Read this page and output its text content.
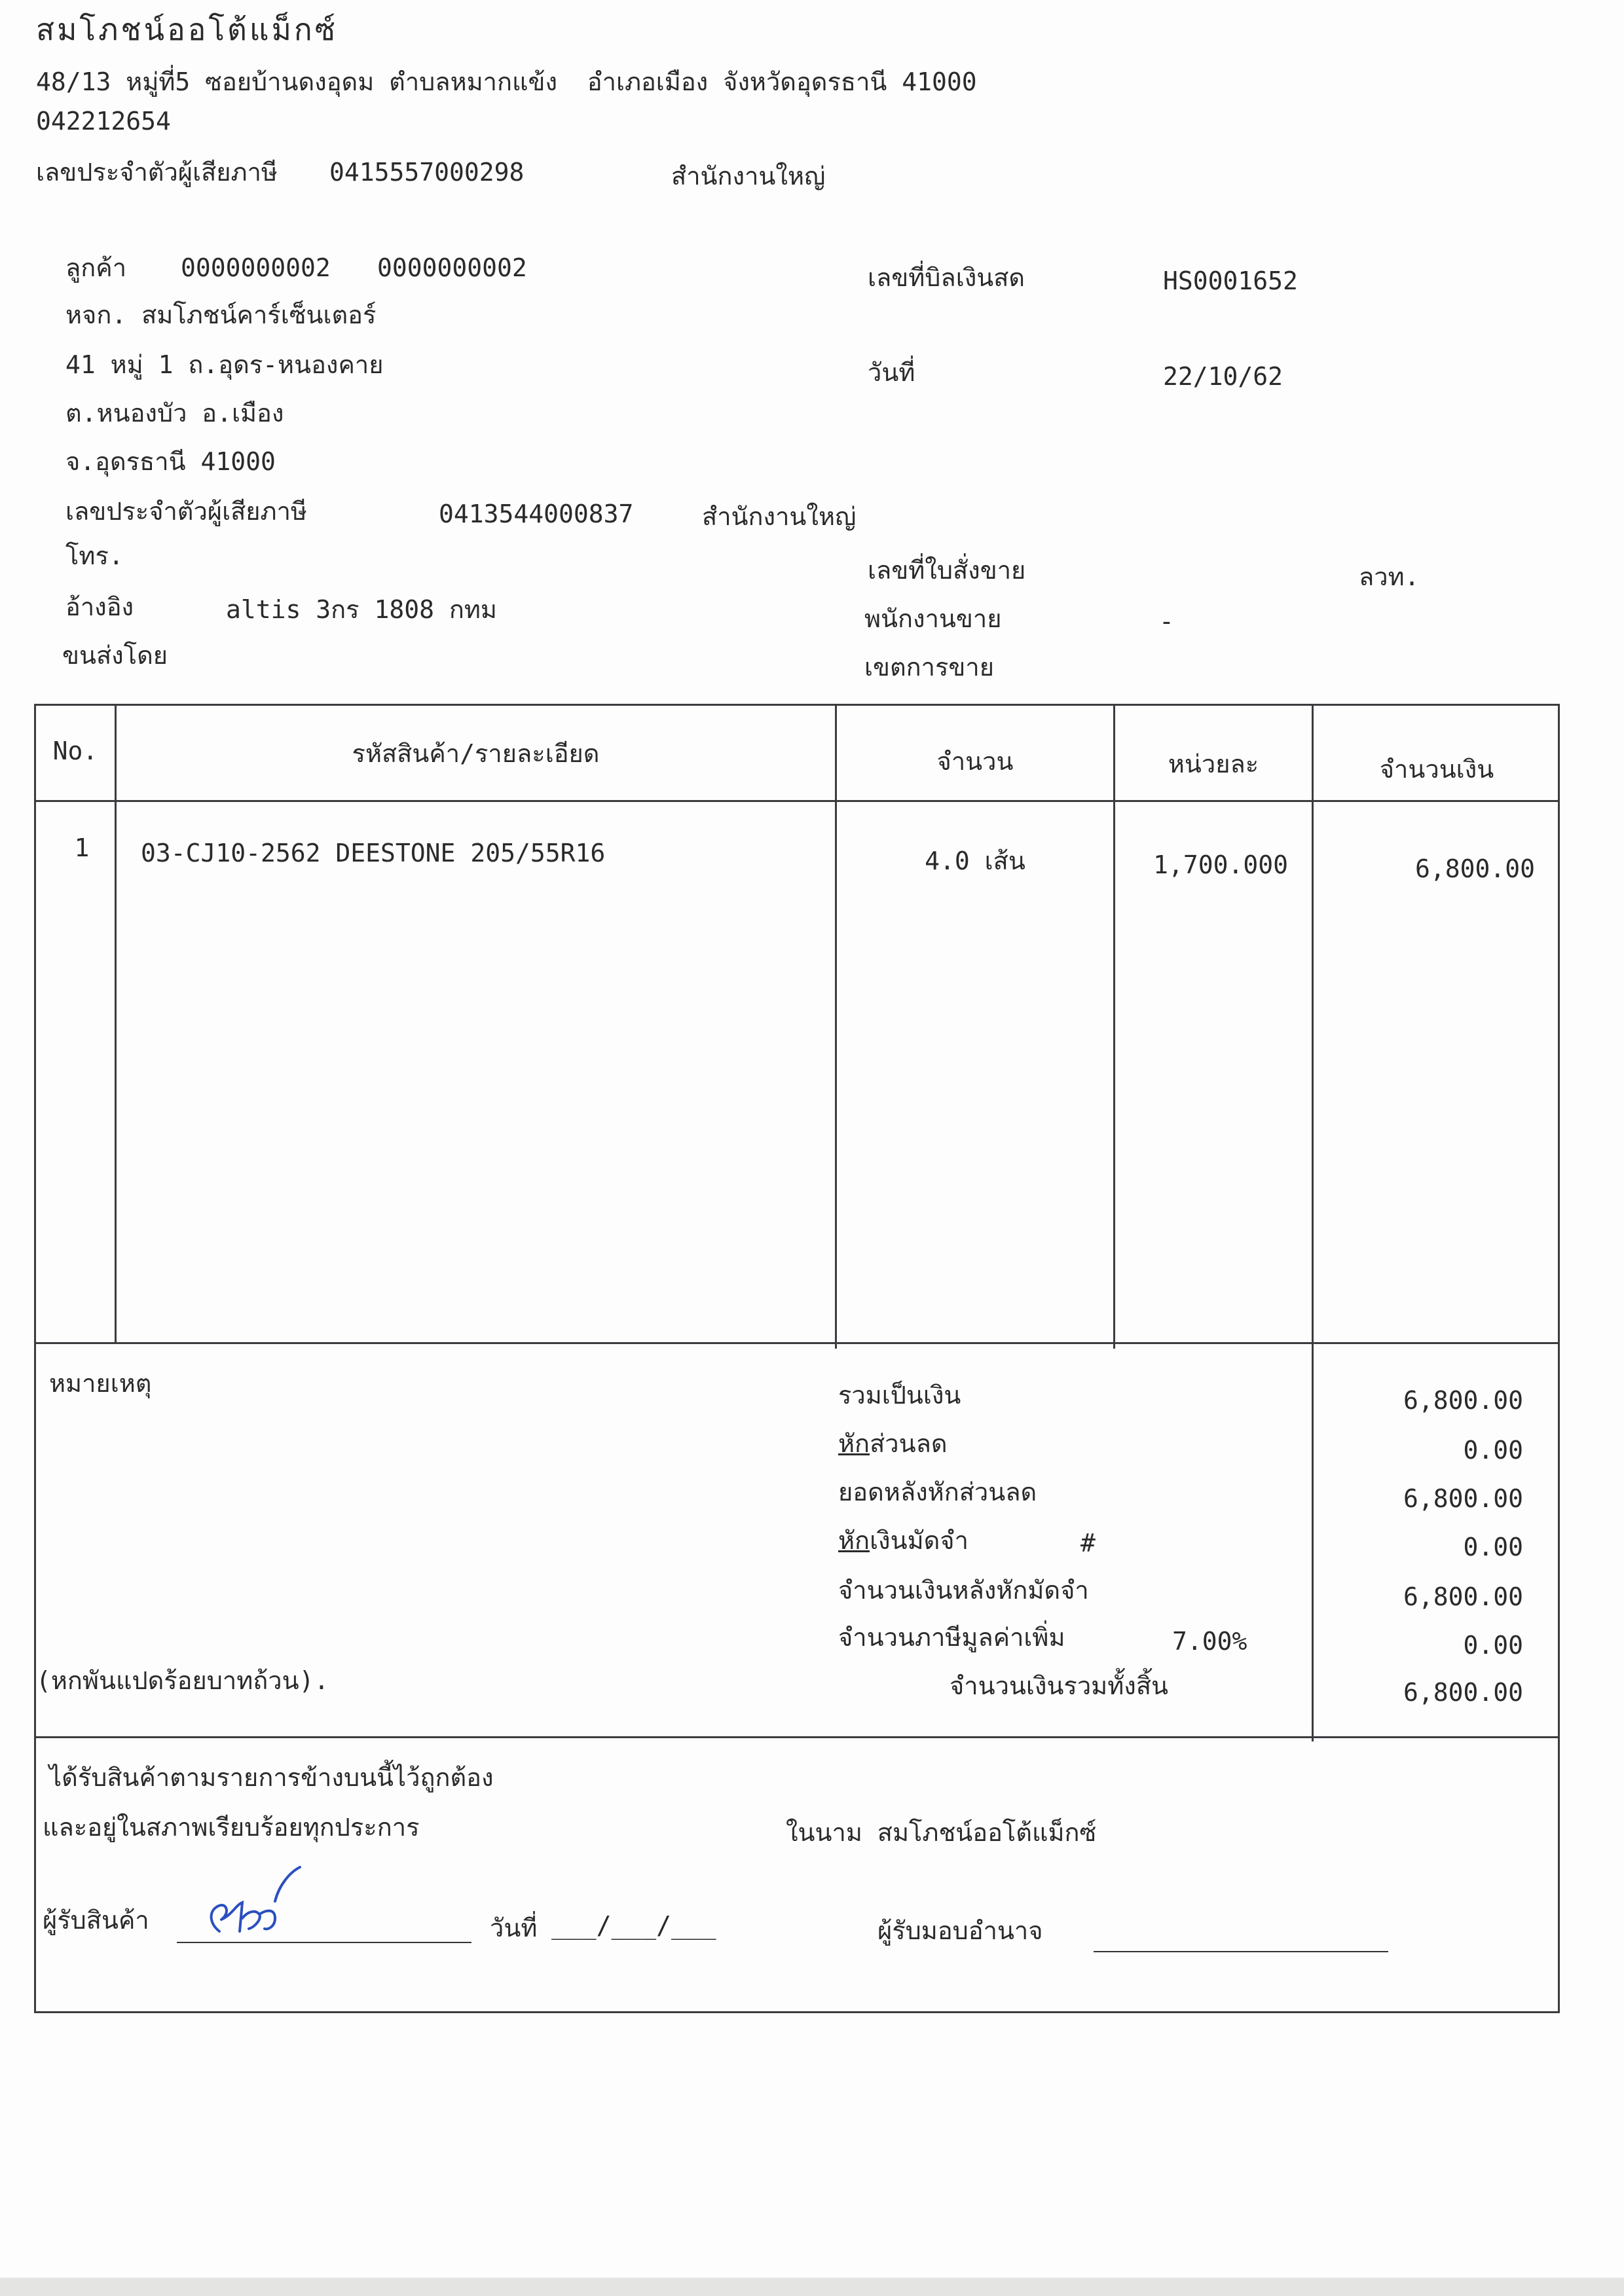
สมโภชน์ออโต้แม็กซ์
48/13 หมู่ที่5 ซอยบ้านดงอุดม ตำบลหมากแข้ง  อำเภอเมือง จังหวัดอุดรธานี 41000
042212654
เลขประจำตัวผู้เสียภาษี 0415557000298	สำนักงานใหญ่
ลูกค้า 0000000002 0000000002
หจก. สมโภชน์คาร์เซ็นเตอร์
41 หมู่ 1 ถ.อุดร-หนองคาย
ต.หนองบัว อ.เมือง
จ.อุดรธานี 41000
เลขประจำตัวผู้เสียภาษี	0413544000837	สำนักงานใหญ่
โทร.
อ้างอิง	altis 3กร 1808 กทม
ขนส่งโดย
เลขที่บิลเงินสด	HS0001652
วันที่	22/10/62
เลขที่ใบสั่งขาย	ลวท.
พนักงานขาย	-
เขตการขาย
No.	รหัสสินค้า/รายละเอียด	จำนวน	หน่วยละ	จำนวนเงิน
1	03-CJ10-2562 DEESTONE 205/55R16	4.0 เส้น	1,700.000	6,800.00
หมายเหตุ
(หกพันแปดร้อยบาทถ้วน).
รวมเป็นเงิน	6,800.00
หักส่วนลด	0.00
ยอดหลังหักส่วนลด	6,800.00
หักเงินมัดจำ	#	0.00
จำนวนเงินหลังหักมัดจำ	6,800.00
จำนวนภาษีมูลค่าเพิ่ม	7.00%	0.00
จำนวนเงินรวมทั้งสิ้น	6,800.00
ได้รับสินค้าตามรายการข้างบนนี้ไว้ถูกต้อง
และอยู่ในสภาพเรียบร้อยทุกประการ	ในนาม สมโภชน์ออโต้แม็กซ์
ผู้รับสินค้า	วันที่ ___/___/___	ผู้รับมอบอำนาจ
